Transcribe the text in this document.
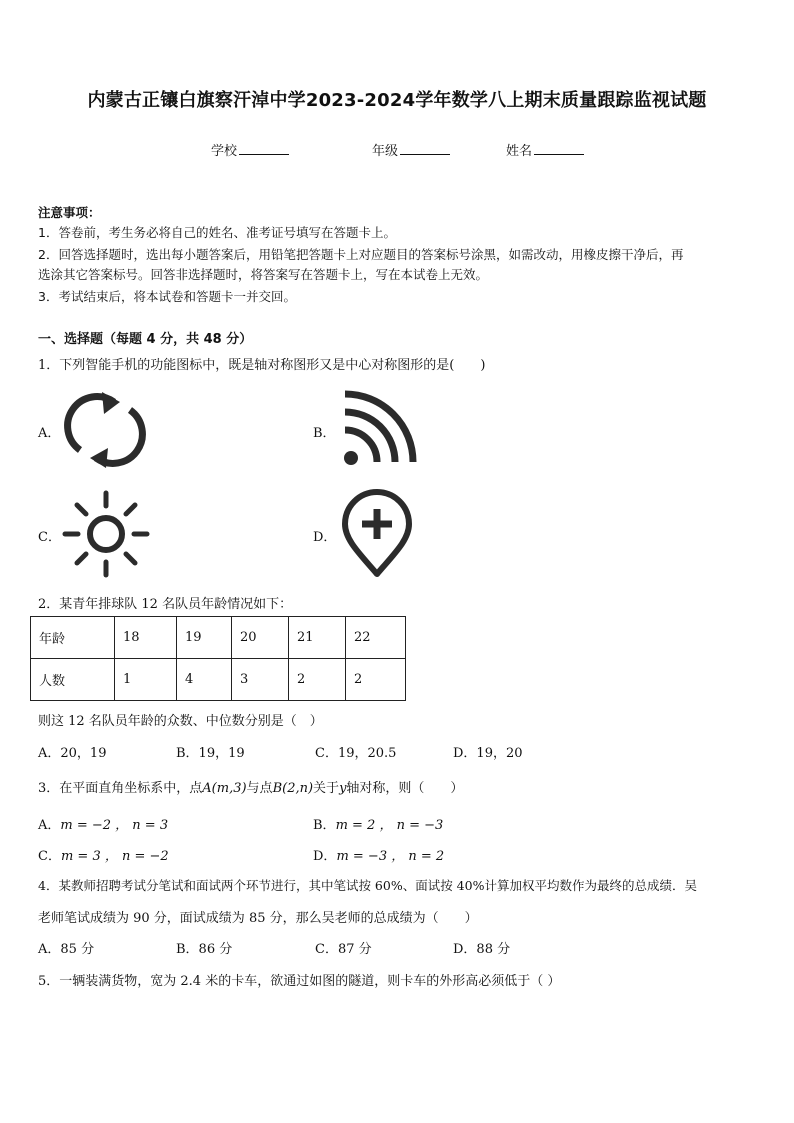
内蒙古正镶白旗察汗淖中学2023-2024学年数学八上期末质量跟踪监视试题
学校	年级	姓名
注意事项：
1．答卷前，考生务必将自己的姓名、准考证号填写在答题卡上。
2．回答选择题时，选出每小题答案后，用铅笔把答题卡上对应题目的答案标号涂黑，如需改动，用橡皮擦干净后，再
选涂其它答案标号。回答非选择题时，将答案写在答题卡上，写在本试卷上无效。
3．考试结束后，将本试卷和答题卡一并交回。
一、选择题（每题 4 分，共 48 分）
1．下列智能手机的功能图标中，既是轴对称图形又是中心对称图形的是(　　)
A．	B．
C．	D．
2．某青年排球队 12 名队员年龄情况如下：
年龄	18	19	20	21	22
人数	1	4	3	2	2
则这 12 名队员年龄的众数、中位数分别是（　）
A．20，19	B．19，19	C．19，20.5	D．19，20
3．在平面直角坐标系中，点A(m,3)与点B(2,n)关于y轴对称，则（　　）
A．m = −2 ， n = 3	B．m = 2 ， n = −3
C．m = 3 ， n = −2	D．m = −3 ， n = 2
4．某教师招聘考试分笔试和面试两个环节进行，其中笔试按 60%、面试按 40%计算加权平均数作为最终的总成绩．吴
老师笔试成绩为 90 分，面试成绩为 85 分，那么吴老师的总成绩为（　　）
A．85 分	B．86 分	C．87 分	D．88 分
5．一辆装满货物，宽为 2.4 米的卡车，欲通过如图的隧道，则卡车的外形高必须低于（ ）
